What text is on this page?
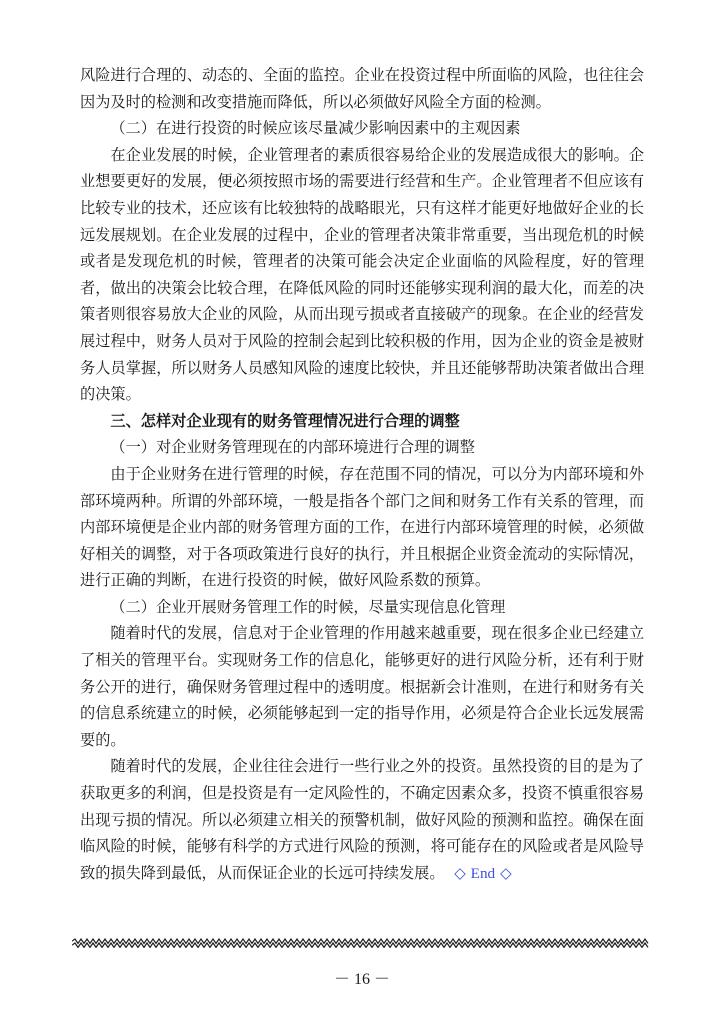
风险进行合理的、动态的、全面的监控。企业在投资过程中所面临的风险，也往往会因为及时的检测和改变措施而降低，所以必须做好风险全方面的检测。

（二）在进行投资的时候应该尽量减少影响因素中的主观因素

在企业发展的时候，企业管理者的素质很容易给企业的发展造成很大的影响。企业想要更好的发展，便必须按照市场的需要进行经营和生产。企业管理者不但应该有比较专业的技术，还应该有比较独特的战略眼光，只有这样才能更好地做好企业的长远发展规划。在企业发展的过程中，企业的管理者决策非常重要，当出现危机的时候或者是发现危机的时候，管理者的决策可能会决定企业面临的风险程度，好的管理者，做出的决策会比较合理，在降低风险的同时还能够实现利润的最大化，而差的决策者则很容易放大企业的风险，从而出现亏损或者直接破产的现象。在企业的经营发展过程中，财务人员对于风险的控制会起到比较积极的作用，因为企业的资金是被财务人员掌握，所以财务人员感知风险的速度比较快，并且还能够帮助决策者做出合理的决策。

三、怎样对企业现有的财务管理情况进行合理的调整

（一）对企业财务管理现在的内部环境进行合理的调整

由于企业财务在进行管理的时候，存在范围不同的情况，可以分为内部环境和外部环境两种。所谓的外部环境，一般是指各个部门之间和财务工作有关系的管理，而内部环境便是企业内部的财务管理方面的工作，在进行内部环境管理的时候，必须做好相关的调整，对于各项政策进行良好的执行，并且根据企业资金流动的实际情况，进行正确的判断，在进行投资的时候，做好风险系数的预算。

（二）企业开展财务管理工作的时候，尽量实现信息化管理

随着时代的发展，信息对于企业管理的作用越来越重要，现在很多企业已经建立了相关的管理平台。实现财务工作的信息化，能够更好的进行风险分析，还有利于财务公开的进行，确保财务管理过程中的透明度。根据新会计准则，在进行和财务有关的信息系统建立的时候，必须能够起到一定的指导作用，必须是符合企业长远发展需要的。

随着时代的发展，企业往往会进行一些行业之外的投资。虽然投资的目的是为了获取更多的利润，但是投资是有一定风险性的，不确定因素众多，投资不慎重很容易出现亏损的情况。所以必须建立相关的预警机制，做好风险的预测和监控。确保在面临风险的时候，能够有科学的方式进行风险的预测，将可能存在的风险或者是风险导致的损失降到最低，从而保证企业的长远可持续发展。 ◇ End ◇

－ 16 －
